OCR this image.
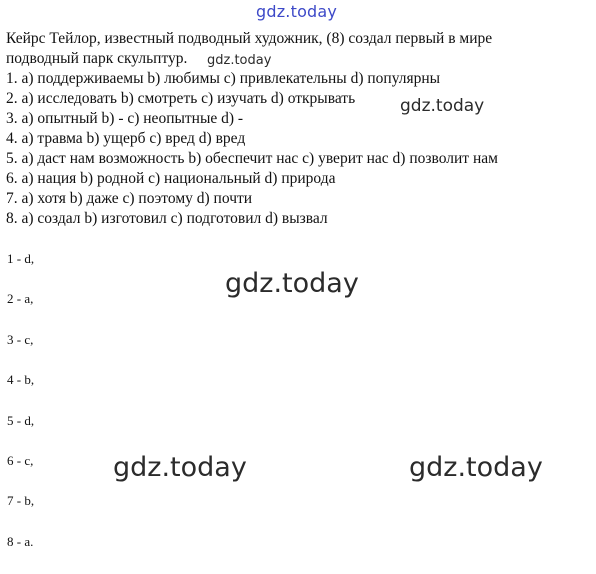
gdz.today

Кейрс Тейлор, известный подводный художник, (8) создал первый в мире
подводный парк скульптур.

1. a) поддерживаемы b) любимы c) привлекательны d) популярны
2. a) исследовать b) смотреть c) изучать d) открывать
3. a) опытный b) - c) неопытные d) -
4. a) травма b) ущерб c) вред d) вред
5. a) даст нам возможность b) обеспечит нас c) уверит нас d) позволит нам
6. a) нация b) родной c) национальный d) природа
7. a) хотя b) даже c) поэтому d) почти
8. a) создал b) изготовил c) подготовил d) вызвал
1 - d,
2 - a,
3 - c,
4 - b,
5 - d,
6 - c,
7 - b,
8 - a.
gdz.today
gdz.today
gdz.today
gdz.today	gdz.today
